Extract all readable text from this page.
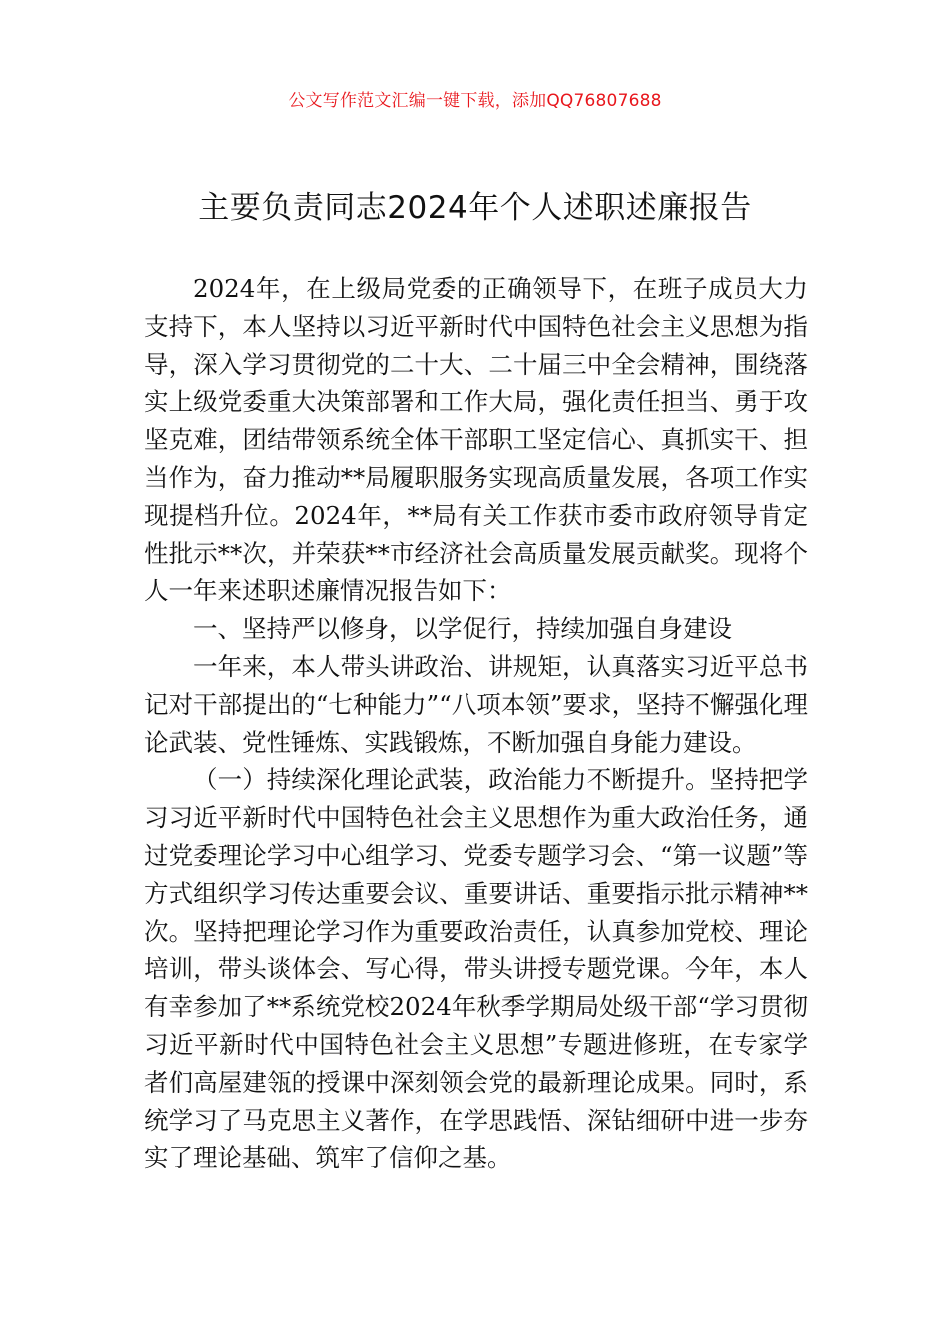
公文写作范文汇编一键下载，添加QQ76807688
主要负责同志2024年个人述职述廉报告

2024年，在上级局党委的正确领导下，在班子成员大力支持下，本人坚持以习近平新时代中国特色社会主义思想为指导，深入学习贯彻党的二十大、二十届三中全会精神，围绕落实上级党委重大决策部署和工作大局，强化责任担当、勇于攻坚克难，团结带领系统全体干部职工坚定信心、真抓实干、担当作为，奋力推动**局履职服务实现高质量发展，各项工作实现提档升位。2024年，**局有关工作获市委市政府领导肯定性批示**次，并荣获**市经济社会高质量发展贡献奖。现将个人一年来述职述廉情况报告如下：

一、坚持严以修身，以学促行，持续加强自身建设

一年来，本人带头讲政治、讲规矩，认真落实习近平总书记对干部提出的“七种能力”“八项本领”要求，坚持不懈强化理论武装、党性锤炼、实践锻炼，不断加强自身能力建设。

（一）持续深化理论武装，政治能力不断提升。坚持把学习习近平新时代中国特色社会主义思想作为重大政治任务，通过党委理论学习中心组学习、党委专题学习会、“第一议题”等方式组织学习传达重要会议、重要讲话、重要指示批示精神**次。坚持把理论学习作为重要政治责任，认真参加党校、理论培训，带头谈体会、写心得，带头讲授专题党课。今年，本人有幸参加了**系统党校2024年秋季学期局处级干部“学习贯彻习近平新时代中国特色社会主义思想”专题进修班，在专家学者们高屋建瓴的授课中深刻领会党的最新理论成果。同时，系统学习了马克思主义著作，在学思践悟、深钻细研中进一步夯实了理论基础、筑牢了信仰之基。
